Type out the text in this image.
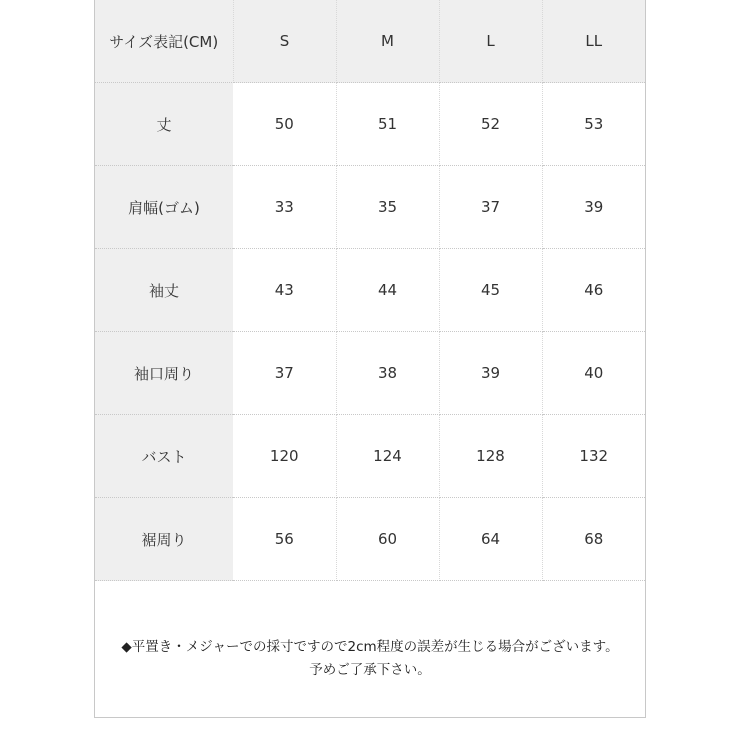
サイズ表記(CM)	S	M	L	LL
丈	50	51	52	53
肩幅(ゴム)	33	35	37	39
袖丈	43	44	45	46
袖口周り	37	38	39	40
バスト	120	124	128	132
裾周り	56	60	64	68
◆平置き・メジャーでの採寸ですので2cm程度の誤差が生じる場合がございます。
予めご了承下さい。
